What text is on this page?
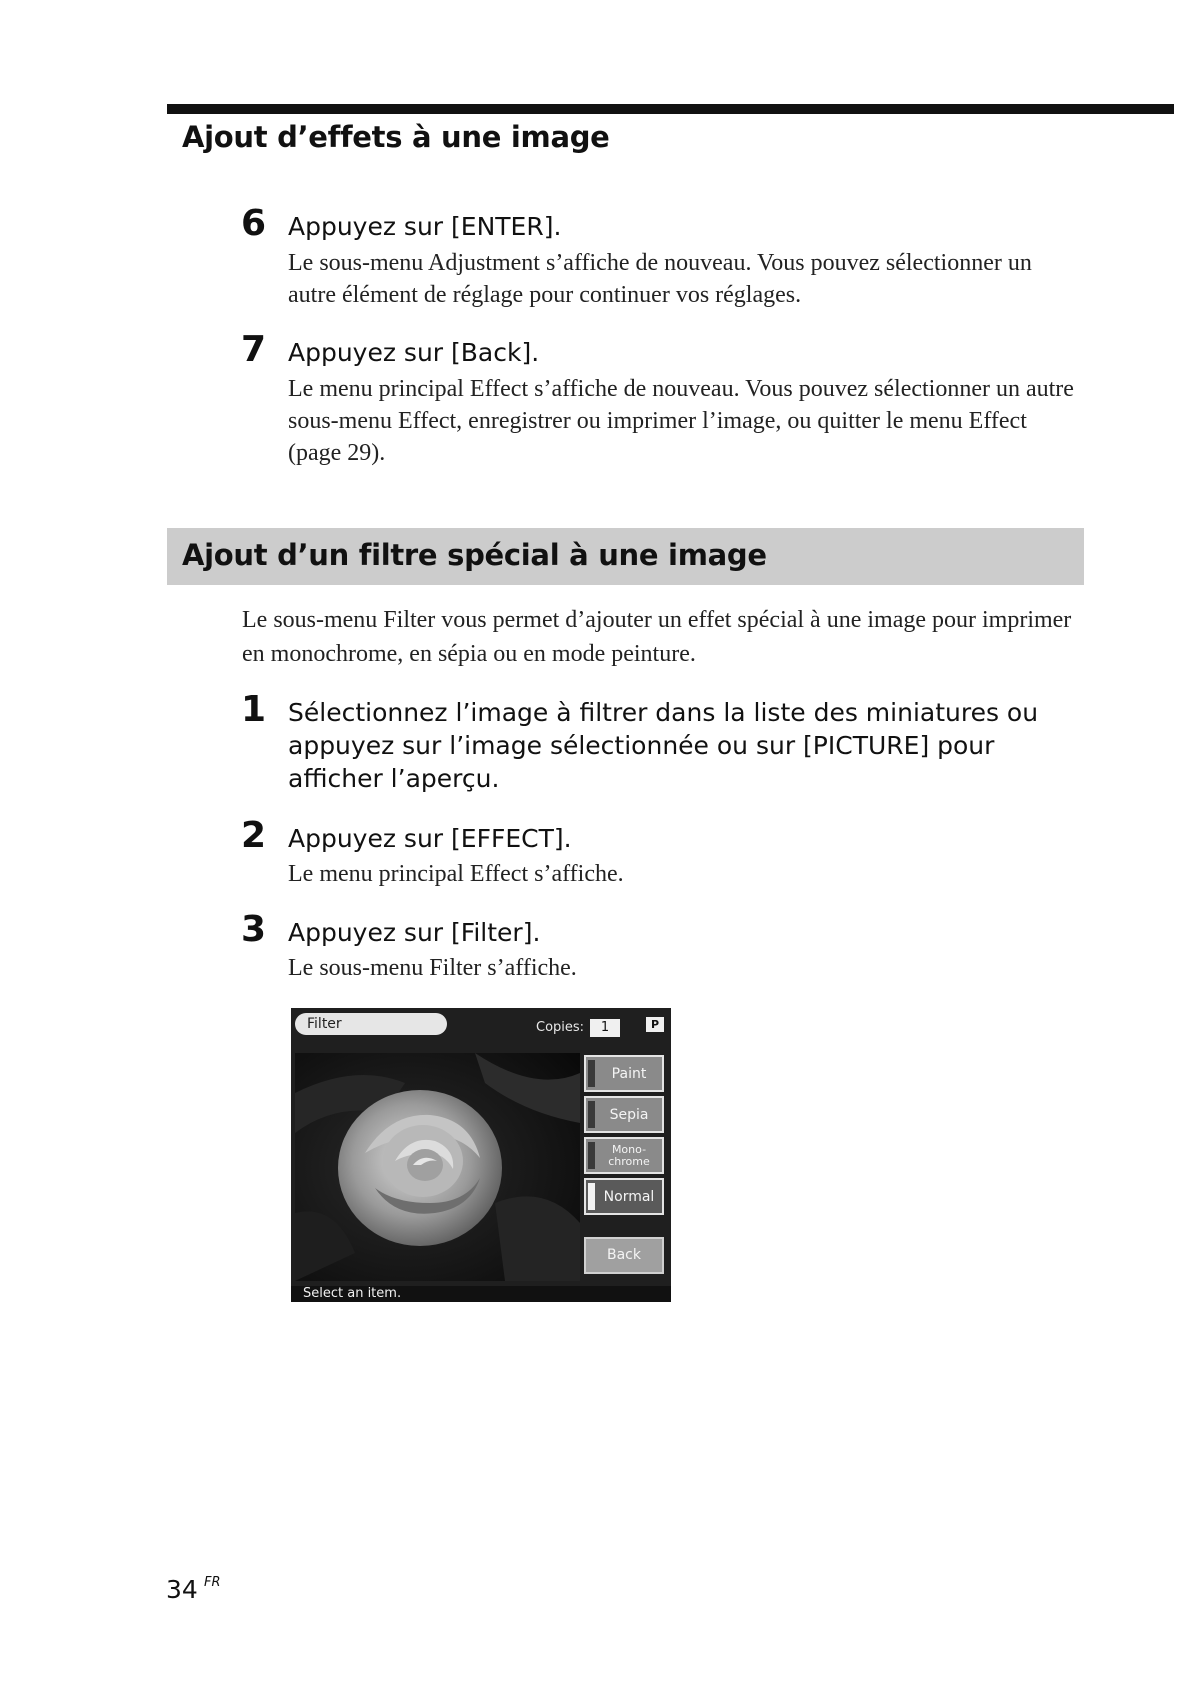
Ajout d’effets à une image
6 Appuyez sur [ENTER].
Le sous-menu Adjustment s’affiche de nouveau. Vous pouvez sélectionner un autre élément de réglage pour continuer vos réglages.
7 Appuyez sur [Back].
Le menu principal Effect s’affiche de nouveau. Vous pouvez sélectionner un autre sous-menu Effect, enregistrer ou imprimer l’image, ou quitter le menu Effect (page 29).
Ajout d’un filtre spécial à une image
Le sous-menu Filter vous permet d’ajouter un effet spécial à une image pour imprimer en monochrome, en sépia ou en mode peinture.
1 Sélectionnez l’image à filtrer dans la liste des miniatures ou appuyez sur l’image sélectionnée ou sur [PICTURE] pour afficher l’aperçu.
2 Appuyez sur [EFFECT].
Le menu principal Effect s’affiche.
3 Appuyez sur [Filter].
Le sous-menu Filter s’affiche.
Filter	Copies:	1	P
Paint
Sepia
Mono-
chrome
Normal
Back
Select an item.
34 FR
